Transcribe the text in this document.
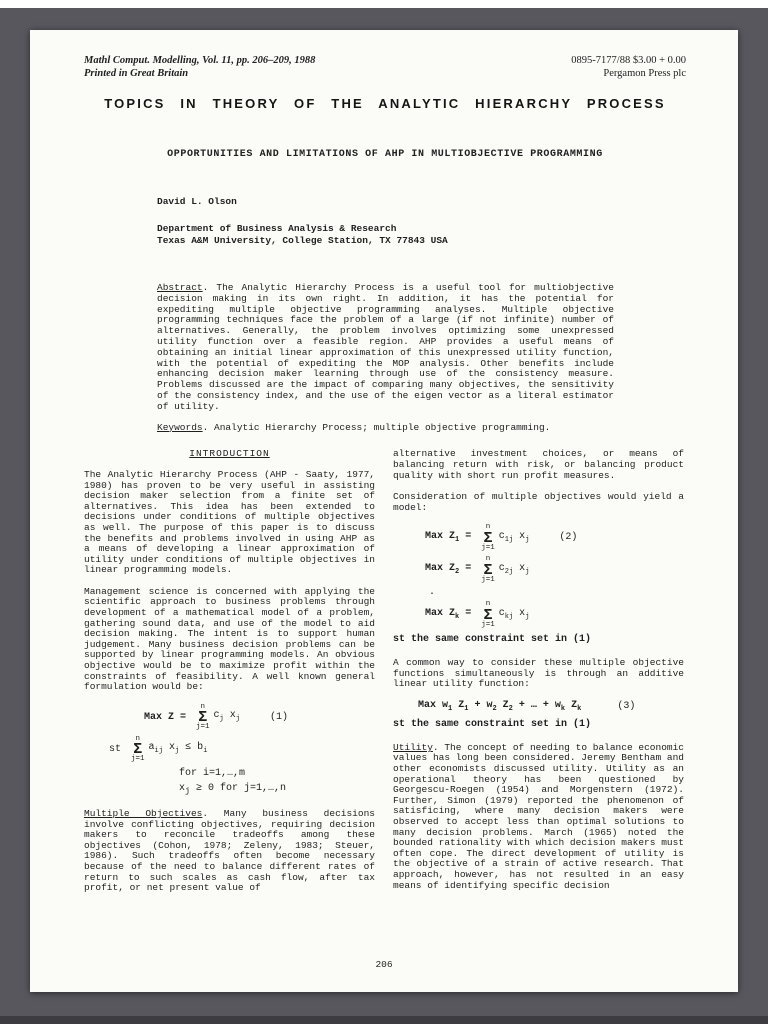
Mathl Comput. Modelling, Vol. 11, pp. 206–209, 1988
Printed in Great Britain
0895-7177/88 $3.00 + 0.00
Pergamon Press plc
TOPICS IN THEORY OF THE ANALYTIC HIERARCHY PROCESS
OPPORTUNITIES AND LIMITATIONS OF AHP IN MULTIOBJECTIVE PROGRAMMING
David L. Olson
Department of Business Analysis & Research
Texas A&M University, College Station, TX 77843 USA
Abstract. The Analytic Hierarchy Process is a useful tool for multiobjective decision making in its own right. In addition, it has the potential for expediting multiple objective programming analyses. Multiple objective programming techniques face the problem of a large (if not infinite) number of alternatives. Generally, the problem involves optimizing some unexpressed utility function over a feasible region. AHP provides a useful means of obtaining an initial linear approximation of this unexpressed utility function, with the potential of expediting the MOP analysis. Other benefits include enhancing decision maker learning through use of the consistency measure. Problems discussed are the impact of comparing many objectives, the sensitivity of the consistency index, and the use of the eigen vector as a literal estimator of utility.
Keywords. Analytic Hierarchy Process; multiple objective programming.
INTRODUCTION

The Analytic Hierarchy Process (AHP - Saaty, 1977, 1980) has proven to be very useful in assisting decision maker selection from a finite set of alternatives. This idea has been extended to decisions under conditions of multiple objectives as well. The purpose of this paper is to discuss the benefits and problems involved in using AHP as a means of developing a linear approximation of utility under conditions of multiple objectives in linear programming models.

Management science is concerned with applying the scientific approach to business problems through development of a mathematical model of a problem, gathering sound data, and use of the model to aid decision making. The intent is to support human judgement. Many business decision problems can be supported by linear programming models. An obvious objective would be to maximize profit within the constraints of feasibility. A well known general formulation would be:

Max Z =
n
Σ
j=1
$c_j$ $x_j$	(1)
st
n
Σ
j=1
$a_{ij}$ $x_j \le b_i$
for i=1,…,m
$x_j \ge 0$ for j=1,…,n

Multiple Objectives. Many business decisions involve conflicting objectives, requiring decision makers to reconcile tradeoffs among these objectives (Cohon, 1978; Zeleny, 1983; Steuer, 1986). Such tradeoffs often become necessary because of the need to balance different rates of return to such scales as cash flow, after tax profit, or net present value of

alternative investment choices, or means of balancing return with risk, or balancing product quality with short run profit measures.

Consideration of multiple objectives would yield a model:

Max $Z_1$ =
n
Σ
j=1
$c_{1j}$ $x_j$	(2)
Max $Z_2$ =
n
Σ
j=1
$c_{2j}$ $x_j$
.
Max $Z_k$ =
n
Σ
j=1
$c_{kj}$ $x_j$
st the same constraint set in (1)

A common way to consider these multiple objective functions simultaneously is through an additive linear utility function:

Max $w_1$ $Z_1 + w_2$ $Z_2$ + … + $w_k$ $Z_k$	(3)
st the same constraint set in (1)

Utility. The concept of needing to balance economic values has long been considered. Jeremy Bentham and other economists discussed utility. Utility as an operational theory has been questioned by Georgescu-Roegen (1954) and Morgenstern (1972). Further, Simon (1979) reported the phenomenon of satisficing, where many decision makers were observed to accept less than optimal solutions to many decision problems. March (1965) noted the bounded rationality with which decision makers must often cope. The direct development of utility is the objective of a strain of active research. That approach, however, has not resulted in an easy means of identifying specific decision

206
